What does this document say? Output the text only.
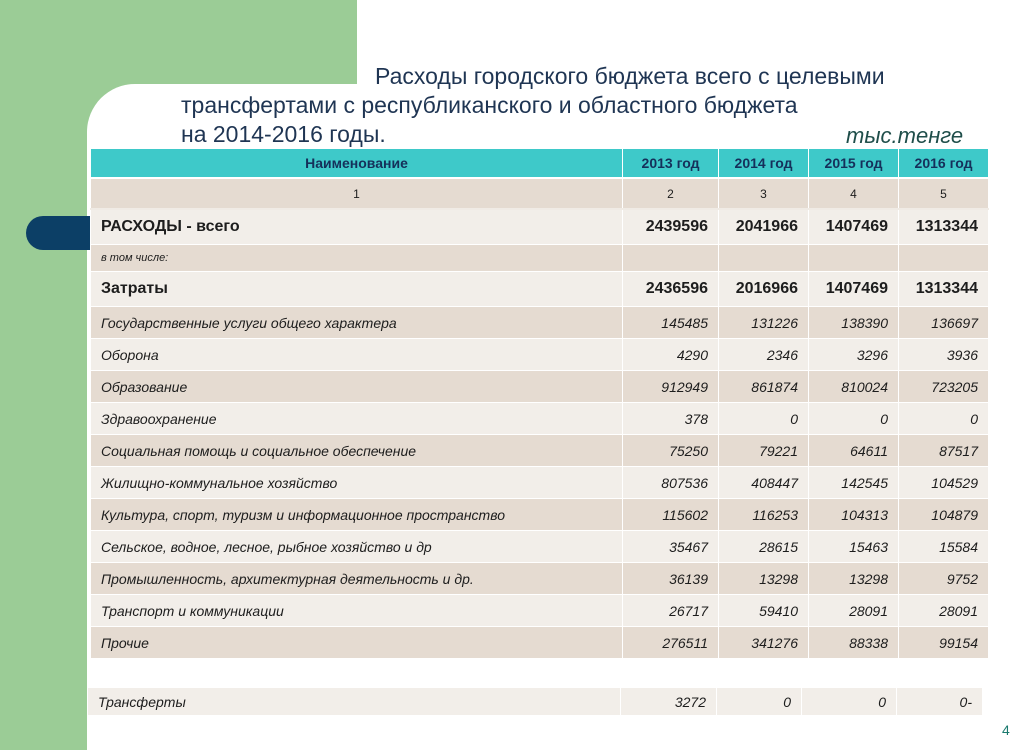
Расходы городского бюджета всего с целевыми
трансфертами с республиканского и областного бюджета
на 2014-2016 годы.	тыс.тенге
Наименование	2013 год	2014 год	2015 год	2016 год
1	2	3	4	5
РАСХОДЫ - всего	2439596	2041966	1407469	1313344
в том числе:				
Затраты	2436596	2016966	1407469	1313344
Государственные услуги общего характера	145485	131226	138390	136697
Оборона	4290	2346	3296	3936
Образование	912949	861874	810024	723205
Здравоохранение	378	0	0	0
Социальная помощь и социальное обеспечение	75250	79221	64611	87517
Жилищно-коммунальное хозяйство	807536	408447	142545	104529
Культура, спорт, туризм и информационное пространство	115602	116253	104313	104879
Сельское, водное, лесное, рыбное хозяйство и др	35467	28615	15463	15584
Промышленность, архитектурная деятельность и др.	36139	13298	13298	9752
Транспорт и коммуникации	26717	59410	28091	28091
Прочие	276511	341276	88338	99154
Трансферты	3272	0	0	0-
4
